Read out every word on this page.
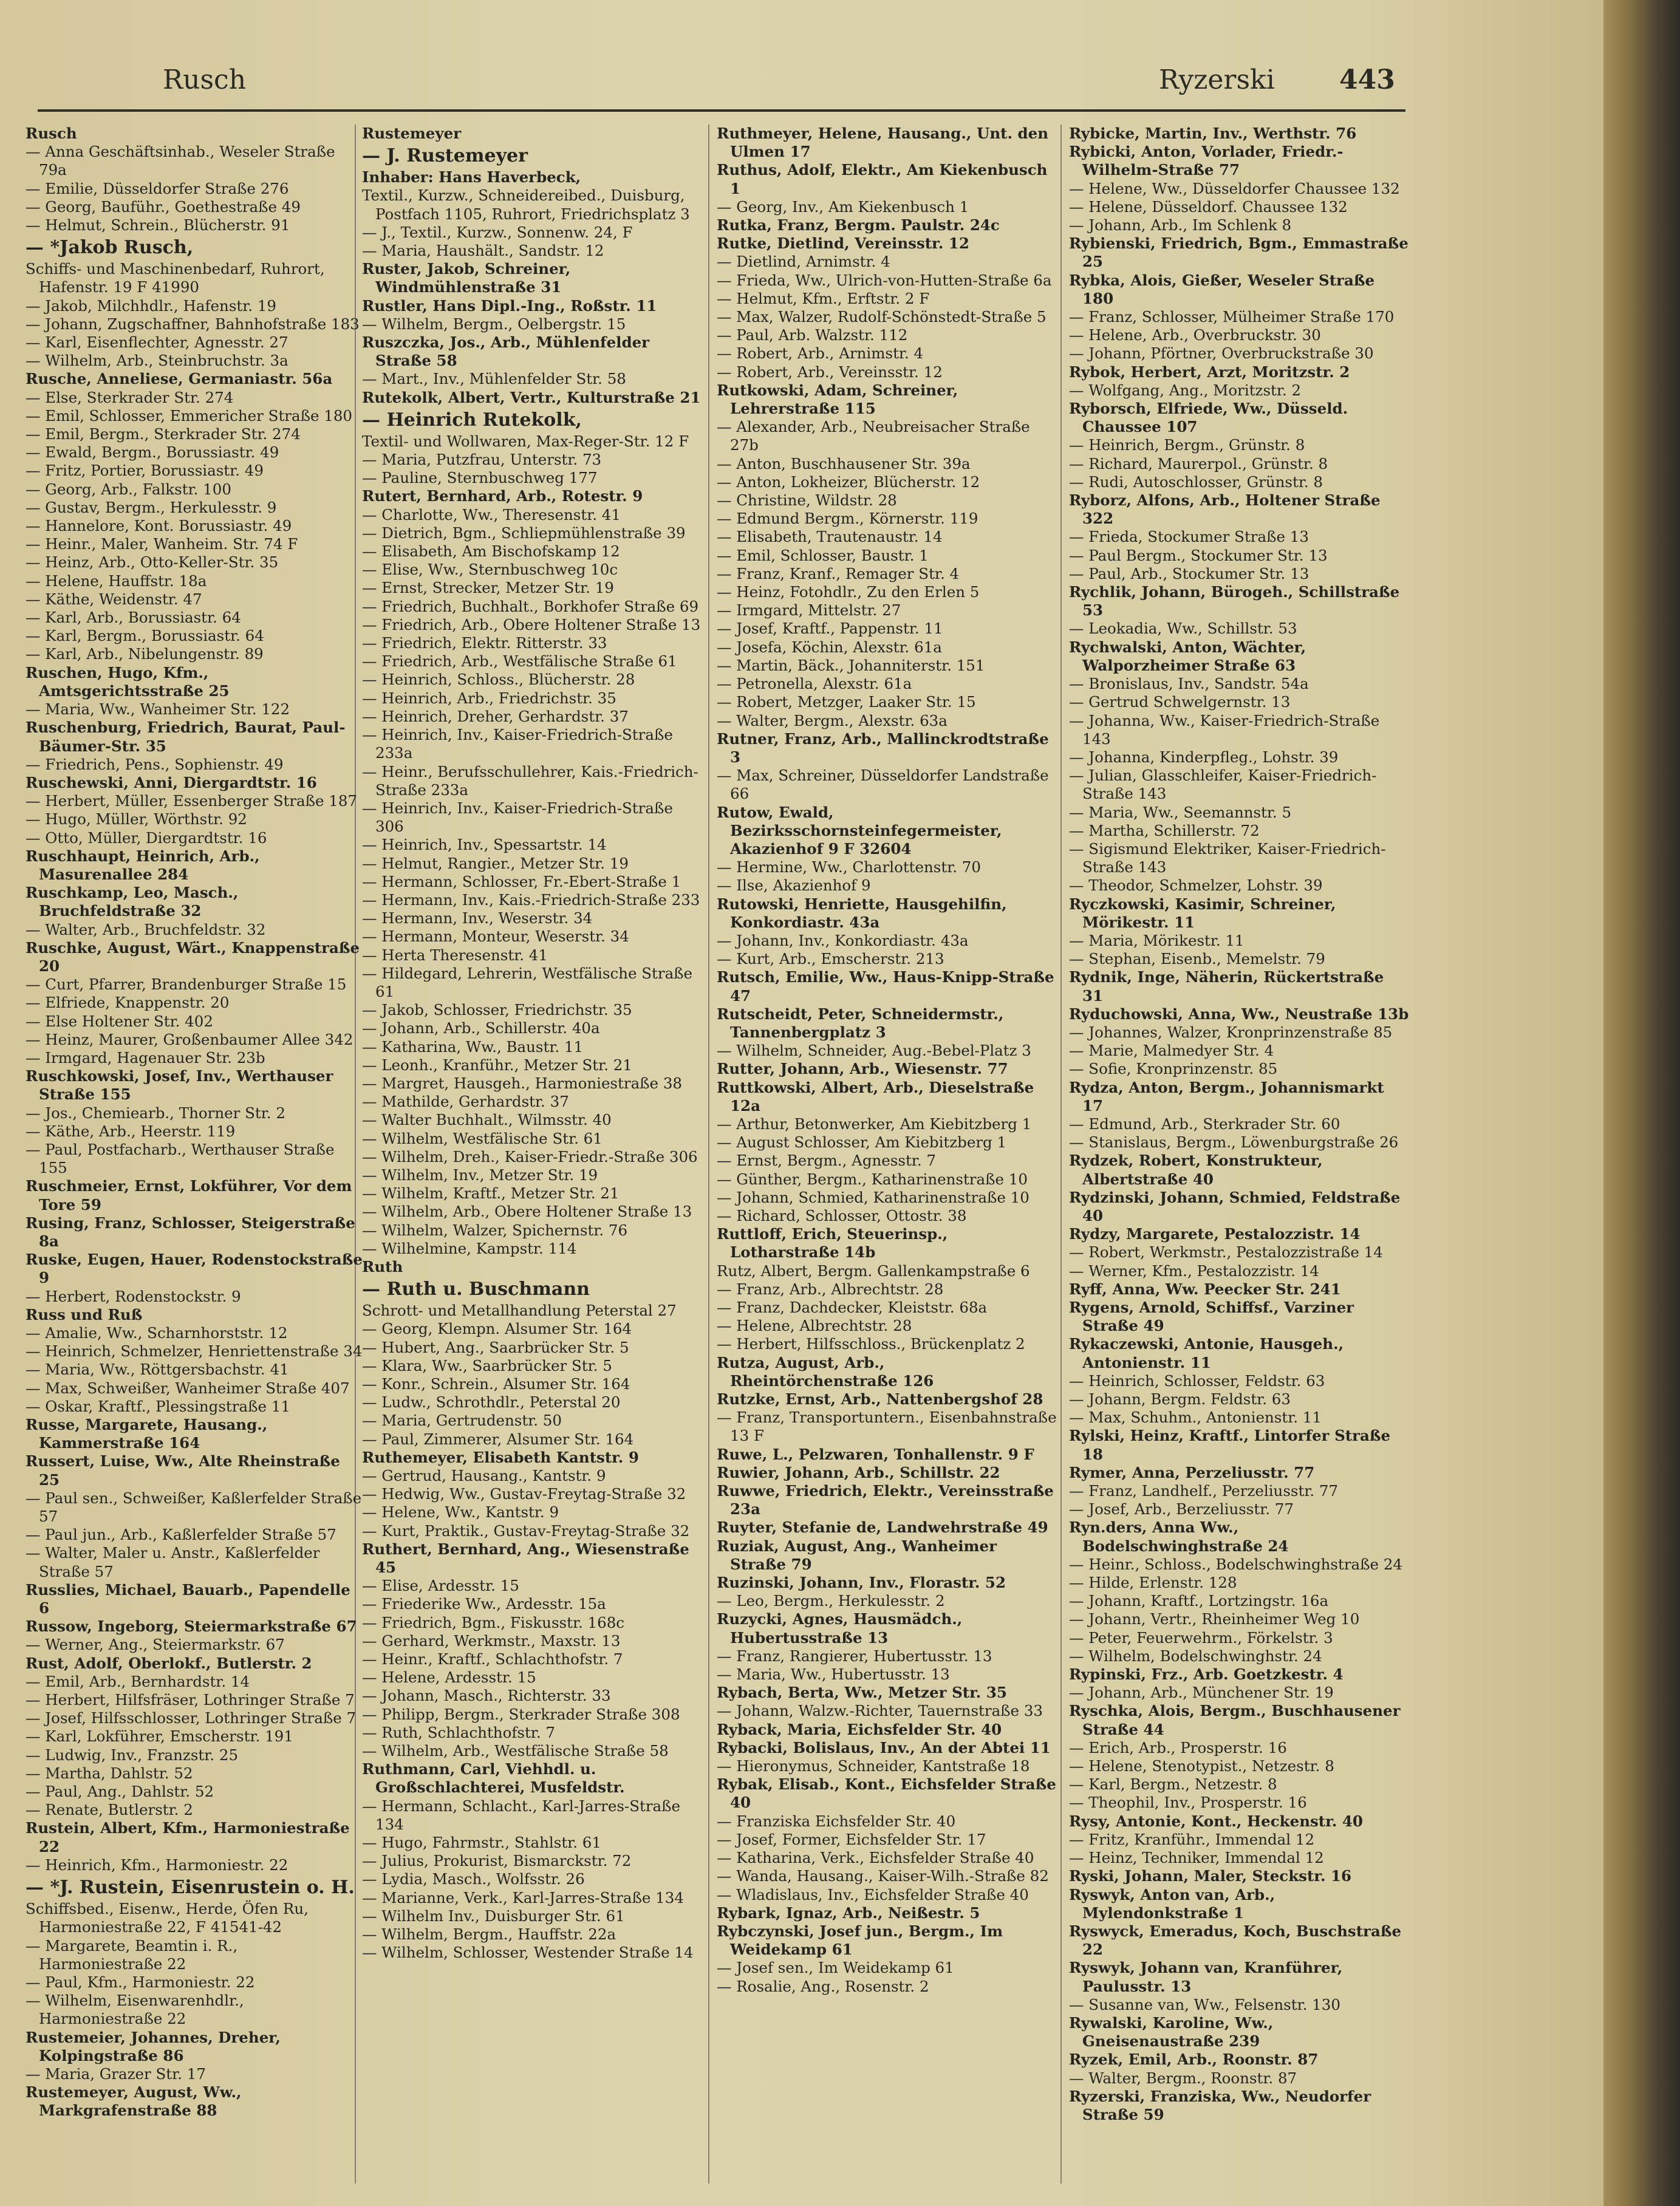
Rusch	Ryzerski 443

Rusch

— Anna Geschäftsinhab., Weseler Straße 79a

— Emilie, Düsseldorfer Straße 276

— Georg, Bauführ., Goethestraße 49

— Helmut, Schrein., Blücherstr. 91

— *Jakob Rusch,

Schiffs- und Maschinenbedarf, Ruhrort, Hafenstr. 19 F 41990

— Jakob, Milchhdlr., Hafenstr. 19

— Johann, Zugschaffner, Bahnhofstraße 183

— Karl, Eisenflechter, Agnesstr. 27

— Wilhelm, Arb., Steinbruchstr. 3a

Rusche, Anneliese, Germaniastr. 56a

— Else, Sterkrader Str. 274

— Emil, Schlosser, Emmericher Straße 180

— Emil, Bergm., Sterkrader Str. 274

— Ewald, Bergm., Borussiastr. 49

— Fritz, Portier, Borussiastr. 49

— Georg, Arb., Falkstr. 100

— Gustav, Bergm., Herkulesstr. 9

— Hannelore, Kont. Borussiastr. 49

— Heinr., Maler, Wanheim. Str. 74 F

— Heinz, Arb., Otto-Keller-Str. 35

— Helene, Hauffstr. 18a

— Käthe, Weidenstr. 47

— Karl, Arb., Borussiastr. 64

— Karl, Bergm., Borussiastr. 64

— Karl, Arb., Nibelungenstr. 89

Ruschen, Hugo, Kfm., Amtsgerichtsstraße 25

— Maria, Ww., Wanheimer Str. 122

Ruschenburg, Friedrich, Baurat, Paul-Bäumer-Str. 35

— Friedrich, Pens., Sophienstr. 49

Ruschewski, Anni, Diergardtstr. 16

— Herbert, Müller, Essenberger Straße 187

— Hugo, Müller, Wörthstr. 92

— Otto, Müller, Diergardtstr. 16

Ruschhaupt, Heinrich, Arb., Masurenallee 284

Ruschkamp, Leo, Masch., Bruchfeldstraße 32

— Walter, Arb., Bruchfeldstr. 32

Ruschke, August, Wärt., Knappenstraße 20

— Curt, Pfarrer, Brandenburger Straße 15

— Elfriede, Knappenstr. 20

— Else Holtener Str. 402

— Heinz, Maurer, Großenbaumer Allee 342

— Irmgard, Hagenauer Str. 23b

Ruschkowski, Josef, Inv., Werthauser Straße 155

— Jos., Chemiearb., Thorner Str. 2

— Käthe, Arb., Heerstr. 119

— Paul, Postfacharb., Werthauser Straße 155

Ruschmeier, Ernst, Lokführer, Vor dem Tore 59

Rusing, Franz, Schlosser, Steigerstraße 8a

Ruske, Eugen, Hauer, Rodenstockstraße 9

— Herbert, Rodenstockstr. 9

Russ und Ruß

— Amalie, Ww., Scharnhorststr. 12

— Heinrich, Schmelzer, Henriettenstraße 34

— Maria, Ww., Röttgersbachstr. 41

— Max, Schweißer, Wanheimer Straße 407

— Oskar, Kraftf., Plessingstraße 11

Russe, Margarete, Hausang., Kammerstraße 164

Russert, Luise, Ww., Alte Rheinstraße 25

— Paul sen., Schweißer, Kaßlerfelder Straße 57

— Paul jun., Arb., Kaßlerfelder Straße 57

— Walter, Maler u. Anstr., Kaßlerfelder Straße 57

Russlies, Michael, Bauarb., Papendelle 6

Russow, Ingeborg, Steiermarkstraße 67

— Werner, Ang., Steiermarkstr. 67

Rust, Adolf, Oberlokf., Butlerstr. 2

— Emil, Arb., Bernhardstr. 14

— Herbert, Hilfsfräser, Lothringer Straße 7

— Josef, Hilfsschlosser, Lothringer Straße 7

— Karl, Lokführer, Emscherstr. 191

— Ludwig, Inv., Franzstr. 25

— Martha, Dahlstr. 52

— Paul, Ang., Dahlstr. 52

— Renate, Butlerstr. 2

Rustein, Albert, Kfm., Harmoniestraße 22

— Heinrich, Kfm., Harmoniestr. 22

— *J. Rustein, Eisenrustein o. H.

Schiffsbed., Eisenw., Herde, Öfen Ru, Harmoniestraße 22, F 41541-42

— Margarete, Beamtin i. R., Harmoniestraße 22

— Paul, Kfm., Harmoniestr. 22

— Wilhelm, Eisenwarenhdlr., Harmoniestraße 22

Rustemeier, Johannes, Dreher, Kolpingstraße 86

— Maria, Grazer Str. 17

Rustemeyer, August, Ww., Markgrafenstraße 88

Rustemeyer

— J. Rustemeyer

Inhaber: Hans Haverbeck,

Textil., Kurzw., Schneidereibed., Duisburg, Postfach 1105, Ruhrort, Friedrichsplatz 3

— J., Textil., Kurzw., Sonnenw. 24, F

— Maria, Haushält., Sandstr. 12

Ruster, Jakob, Schreiner, Windmühlenstraße 31

Rustler, Hans Dipl.-Ing., Roßstr. 11

— Wilhelm, Bergm., Oelbergstr. 15

Ruszczka, Jos., Arb., Mühlenfelder Straße 58

— Mart., Inv., Mühlenfelder Str. 58

Rutekolk, Albert, Vertr., Kulturstraße 21

— Heinrich Rutekolk,

Textil- und Wollwaren, Max-Reger-Str. 12 F

— Maria, Putzfrau, Unterstr. 73

— Pauline, Sternbuschweg 177

Rutert, Bernhard, Arb., Rotestr. 9

— Charlotte, Ww., Theresenstr. 41

— Dietrich, Bgm., Schliepmühlenstraße 39

— Elisabeth, Am Bischofskamp 12

— Elise, Ww., Sternbuschweg 10c

— Ernst, Strecker, Metzer Str. 19

— Friedrich, Buchhalt., Borkhofer Straße 69

— Friedrich, Arb., Obere Holtener Straße 13

— Friedrich, Elektr. Ritterstr. 33

— Friedrich, Arb., Westfälische Straße 61

— Heinrich, Schloss., Blücherstr. 28

— Heinrich, Arb., Friedrichstr. 35

— Heinrich, Dreher, Gerhardstr. 37

— Heinrich, Inv., Kaiser-Friedrich-Straße 233a

— Heinr., Berufsschullehrer, Kais.-Friedrich-Straße 233a

— Heinrich, Inv., Kaiser-Friedrich-Straße 306

— Heinrich, Inv., Spessartstr. 14

— Helmut, Rangier., Metzer Str. 19

— Hermann, Schlosser, Fr.-Ebert-Straße 1

— Hermann, Inv., Kais.-Friedrich-Straße 233

— Hermann, Inv., Weserstr. 34

— Hermann, Monteur, Weserstr. 34

— Herta Theresenstr. 41

— Hildegard, Lehrerin, Westfälische Straße 61

— Jakob, Schlosser, Friedrichstr. 35

— Johann, Arb., Schillerstr. 40a

— Katharina, Ww., Baustr. 11

— Leonh., Kranführ., Metzer Str. 21

— Margret, Hausgeh., Harmoniestraße 38

— Mathilde, Gerhardstr. 37

— Walter Buchhalt., Wilmsstr. 40

— Wilhelm, Westfälische Str. 61

— Wilhelm, Dreh., Kaiser-Friedr.-Straße 306

— Wilhelm, Inv., Metzer Str. 19

— Wilhelm, Kraftf., Metzer Str. 21

— Wilhelm, Arb., Obere Holtener Straße 13

— Wilhelm, Walzer, Spichernstr. 76

— Wilhelmine, Kampstr. 114

Ruth

— Ruth u. Buschmann

Schrott- und Metallhandlung Peterstal 27

— Georg, Klempn. Alsumer Str. 164

— Hubert, Ang., Saarbrücker Str. 5

— Klara, Ww., Saarbrücker Str. 5

— Konr., Schrein., Alsumer Str. 164

— Ludw., Schrothdlr., Peterstal 20

— Maria, Gertrudenstr. 50

— Paul, Zimmerer, Alsumer Str. 164

Ruthemeyer, Elisabeth Kantstr. 9

— Gertrud, Hausang., Kantstr. 9

— Hedwig, Ww., Gustav-Freytag-Straße 32

— Helene, Ww., Kantstr. 9

— Kurt, Praktik., Gustav-Freytag-Straße 32

Ruthert, Bernhard, Ang., Wiesenstraße 45

— Elise, Ardesstr. 15

— Friederike Ww., Ardesstr. 15a

— Friedrich, Bgm., Fiskusstr. 168c

— Gerhard, Werkmstr., Maxstr. 13

— Heinr., Kraftf., Schlachthofstr. 7

— Helene, Ardesstr. 15

— Johann, Masch., Richterstr. 33

— Philipp, Bergm., Sterkrader Straße 308

— Ruth, Schlachthofstr. 7

— Wilhelm, Arb., Westfälische Straße 58

Ruthmann, Carl, Viehhdl. u. Großschlachterei, Musfeldstr.

— Hermann, Schlacht., Karl-Jarres-Straße 134

— Hugo, Fahrmstr., Stahlstr. 61

— Julius, Prokurist, Bismarckstr. 72

— Lydia, Masch., Wolfsstr. 26

— Marianne, Verk., Karl-Jarres-Straße 134

— Wilhelm Inv., Duisburger Str. 61

— Wilhelm, Bergm., Hauffstr. 22a

— Wilhelm, Schlosser, Westender Straße 14

Ruthmeyer, Helene, Hausang., Unt. den Ulmen 17

Ruthus, Adolf, Elektr., Am Kiekenbusch 1

— Georg, Inv., Am Kiekenbusch 1

Rutka, Franz, Bergm. Paulstr. 24c

Rutke, Dietlind, Vereinsstr. 12

— Dietlind, Arnimstr. 4

— Frieda, Ww., Ulrich-von-Hutten-Straße 6a

— Helmut, Kfm., Erftstr. 2 F

— Max, Walzer, Rudolf-Schönstedt-Straße 5

— Paul, Arb. Walzstr. 112

— Robert, Arb., Arnimstr. 4

— Robert, Arb., Vereinsstr. 12

Rutkowski, Adam, Schreiner, Lehrerstraße 115

— Alexander, Arb., Neubreisacher Straße 27b

— Anton, Buschhausener Str. 39a

— Anton, Lokheizer, Blücherstr. 12

— Christine, Wildstr. 28

— Edmund Bergm., Körnerstr. 119

— Elisabeth, Trautenaustr. 14

— Emil, Schlosser, Baustr. 1

— Franz, Kranf., Remager Str. 4

— Heinz, Fotohdlr., Zu den Erlen 5

— Irmgard, Mittelstr. 27

— Josef, Kraftf., Pappenstr. 11

— Josefa, Köchin, Alexstr. 61a

— Martin, Bäck., Johanniterstr. 151

— Petronella, Alexstr. 61a

— Robert, Metzger, Laaker Str. 15

— Walter, Bergm., Alexstr. 63a

Rutner, Franz, Arb., Mallinckrodtstraße 3

— Max, Schreiner, Düsseldorfer Landstraße 66

Rutow, Ewald, Bezirksschornsteinfegermeister, Akazienhof 9 F 32604

— Hermine, Ww., Charlottenstr. 70

— Ilse, Akazienhof 9

Rutowski, Henriette, Hausgehilfin, Konkordiastr. 43a

— Johann, Inv., Konkordiastr. 43a

— Kurt, Arb., Emscherstr. 213

Rutsch, Emilie, Ww., Haus-Knipp-Straße 47

Rutscheidt, Peter, Schneidermstr., Tannenbergplatz 3

— Wilhelm, Schneider, Aug.-Bebel-Platz 3

Rutter, Johann, Arb., Wiesenstr. 77

Ruttkowski, Albert, Arb., Dieselstraße 12a

— Arthur, Betonwerker, Am Kiebitzberg 1

— August Schlosser, Am Kiebitzberg 1

— Ernst, Bergm., Agnesstr. 7

— Günther, Bergm., Katharinenstraße 10

— Johann, Schmied, Katharinenstraße 10

— Richard, Schlosser, Ottostr. 38

Ruttloff, Erich, Steuerinsp., Lotharstraße 14b

Rutz, Albert, Bergm. Gallenkampstraße 6

— Franz, Arb., Albrechtstr. 28

— Franz, Dachdecker, Kleiststr. 68a

— Helene, Albrechtstr. 28

— Herbert, Hilfsschloss., Brückenplatz 2

Rutza, August, Arb., Rheintörchenstraße 126

Rutzke, Ernst, Arb., Nattenbergshof 28

— Franz, Transportuntern., Eisenbahnstraße 13 F

Ruwe, L., Pelzwaren, Tonhallenstr. 9 F

Ruwier, Johann, Arb., Schillstr. 22

Ruwwe, Friedrich, Elektr., Vereinsstraße 23a

Ruyter, Stefanie de, Landwehrstraße 49

Ruziak, August, Ang., Wanheimer Straße 79

Ruzinski, Johann, Inv., Florastr. 52

— Leo, Bergm., Herkulesstr. 2

Ruzycki, Agnes, Hausmädch., Hubertusstraße 13

— Franz, Rangierer, Hubertusstr. 13

— Maria, Ww., Hubertusstr. 13

Rybach, Berta, Ww., Metzer Str. 35

— Johann, Walzw.-Richter, Tauernstraße 33

Ryback, Maria, Eichsfelder Str. 40

Rybacki, Bolislaus, Inv., An der Abtei 11

— Hieronymus, Schneider, Kantstraße 18

Rybak, Elisab., Kont., Eichsfelder Straße 40

— Franziska Eichsfelder Str. 40

— Josef, Former, Eichsfelder Str. 17

— Katharina, Verk., Eichsfelder Straße 40

— Wanda, Hausang., Kaiser-Wilh.-Straße 82

— Wladislaus, Inv., Eichsfelder Straße 40

Rybark, Ignaz, Arb., Neißestr. 5

Rybczynski, Josef jun., Bergm., Im Weidekamp 61

— Josef sen., Im Weidekamp 61

— Rosalie, Ang., Rosenstr. 2

Rybicke, Martin, Inv., Werthstr. 76

Rybicki, Anton, Vorlader, Friedr.-Wilhelm-Straße 77

— Helene, Ww., Düsseldorfer Chaussee 132

— Helene, Düsseldorf. Chaussee 132

— Johann, Arb., Im Schlenk 8

Rybienski, Friedrich, Bgm., Emmastraße 25

Rybka, Alois, Gießer, Weseler Straße 180

— Franz, Schlosser, Mülheimer Straße 170

— Helene, Arb., Overbruckstr. 30

— Johann, Pförtner, Overbruckstraße 30

Rybok, Herbert, Arzt, Moritzstr. 2

— Wolfgang, Ang., Moritzstr. 2

Ryborsch, Elfriede, Ww., Düsseld. Chaussee 107

— Heinrich, Bergm., Grünstr. 8

— Richard, Maurerpol., Grünstr. 8

— Rudi, Autoschlosser, Grünstr. 8

Ryborz, Alfons, Arb., Holtener Straße 322

— Frieda, Stockumer Straße 13

— Paul Bergm., Stockumer Str. 13

— Paul, Arb., Stockumer Str. 13

Rychlik, Johann, Bürogeh., Schillstraße 53

— Leokadia, Ww., Schillstr. 53

Rychwalski, Anton, Wächter, Walporzheimer Straße 63

— Bronislaus, Inv., Sandstr. 54a

— Gertrud Schwelgernstr. 13

— Johanna, Ww., Kaiser-Friedrich-Straße 143

— Johanna, Kinderpfleg., Lohstr. 39

— Julian, Glasschleifer, Kaiser-Friedrich-Straße 143

— Maria, Ww., Seemannstr. 5

— Martha, Schillerstr. 72

— Sigismund Elektriker, Kaiser-Friedrich-Straße 143

— Theodor, Schmelzer, Lohstr. 39

Ryczkowski, Kasimir, Schreiner, Mörikestr. 11

— Maria, Mörikestr. 11

— Stephan, Eisenb., Memelstr. 79

Rydnik, Inge, Näherin, Rückertstraße 31

Ryduchowski, Anna, Ww., Neustraße 13b

— Johannes, Walzer, Kronprinzenstraße 85

— Marie, Malmedyer Str. 4

— Sofie, Kronprinzenstr. 85

Rydza, Anton, Bergm., Johannismarkt 17

— Edmund, Arb., Sterkrader Str. 60

— Stanislaus, Bergm., Löwenburgstraße 26

Rydzek, Robert, Konstrukteur, Albertstraße 40

Rydzinski, Johann, Schmied, Feldstraße 40

Rydzy, Margarete, Pestalozzistr. 14

— Robert, Werkmstr., Pestalozzistraße 14

— Werner, Kfm., Pestalozzistr. 14

Ryff, Anna, Ww. Peecker Str. 241

Rygens, Arnold, Schiffsf., Varziner Straße 49

Rykaczewski, Antonie, Hausgeh., Antonienstr. 11

— Heinrich, Schlosser, Feldstr. 63

— Johann, Bergm. Feldstr. 63

— Max, Schuhm., Antonienstr. 11

Rylski, Heinz, Kraftf., Lintorfer Straße 18

Rymer, Anna, Perzeliusstr. 77

— Franz, Landhelf., Perzeliusstr. 77

— Josef, Arb., Berzeliusstr. 77

Ryn.ders, Anna Ww., Bodelschwinghstraße 24

— Heinr., Schloss., Bodelschwinghstraße 24

— Hilde, Erlenstr. 128

— Johann, Kraftf., Lortzingstr. 16a

— Johann, Vertr., Rheinheimer Weg 10

— Peter, Feuerwehrm., Förkelstr. 3

— Wilhelm, Bodelschwinghstr. 24

Rypinski, Frz., Arb. Goetzkestr. 4

— Johann, Arb., Münchener Str. 19

Ryschka, Alois, Bergm., Buschhausener Straße 44

— Erich, Arb., Prosperstr. 16

— Helene, Stenotypist., Netzestr. 8

— Karl, Bergm., Netzestr. 8

— Theophil, Inv., Prosperstr. 16

Rysy, Antonie, Kont., Heckenstr. 40

— Fritz, Kranführ., Immendal 12

— Heinz, Techniker, Immendal 12

Ryski, Johann, Maler, Steckstr. 16

Ryswyk, Anton van, Arb., Mylendonkstraße 1

Ryswyck, Emeradus, Koch, Buschstraße 22

Ryswyk, Johann van, Kranführer, Paulusstr. 13

— Susanne van, Ww., Felsenstr. 130

Rywalski, Karoline, Ww., Gneisenaustraße 239

Ryzek, Emil, Arb., Roonstr. 87

— Walter, Bergm., Roonstr. 87

Ryzerski, Franziska, Ww., Neudorfer Straße 59
